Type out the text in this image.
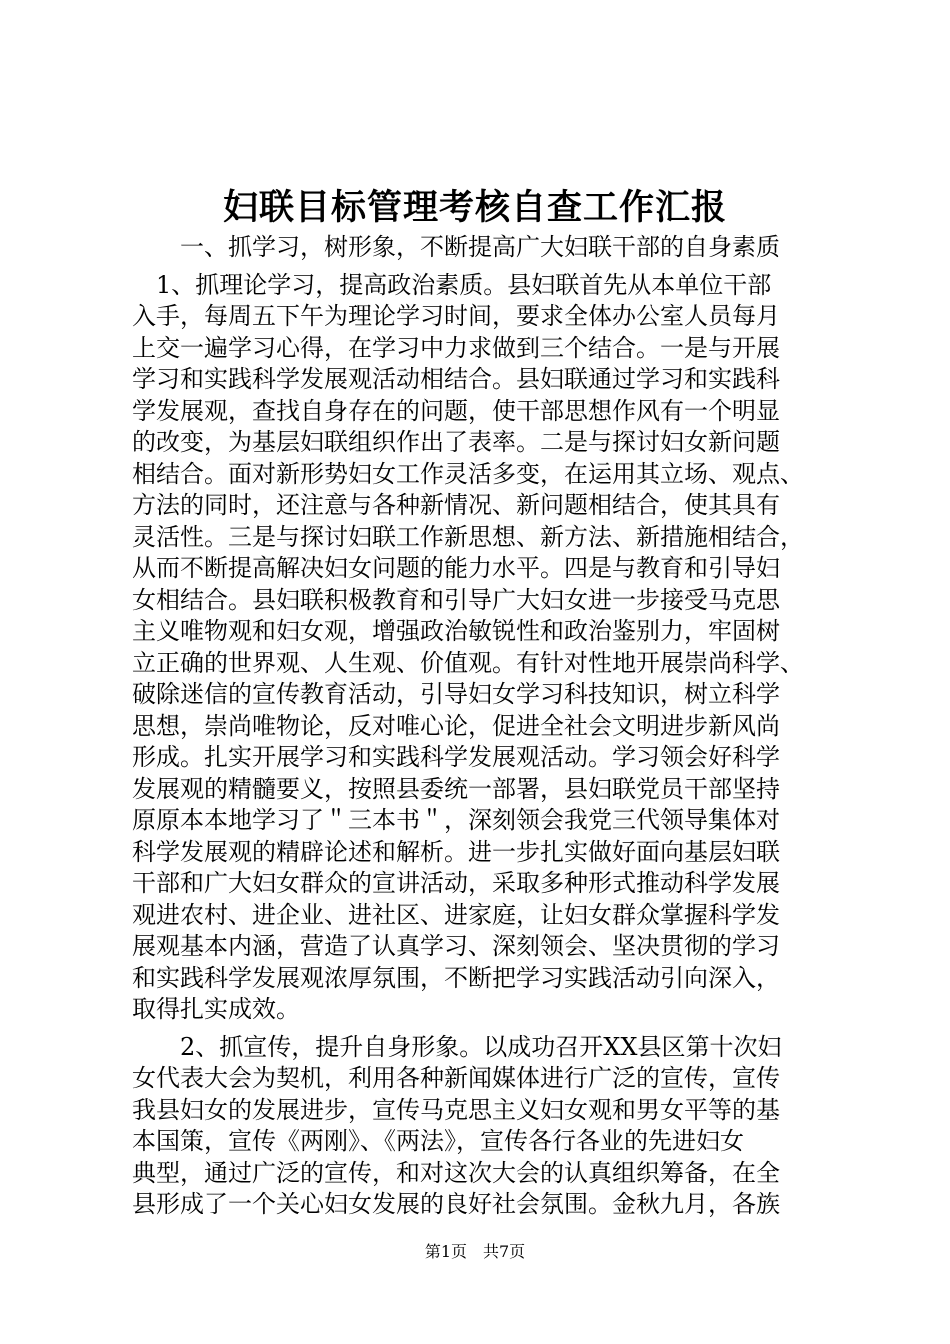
妇联目标管理考核自查工作汇报
　　一、抓学习，树形象，不断提高广大妇联干部的自身素质
　1、抓理论学习，提高政治素质。县妇联首先从本单位干部
入手，每周五下午为理论学习时间，要求全体办公室人员每月
上交一遍学习心得，在学习中力求做到三个结合。一是与开展
学习和实践科学发展观活动相结合。县妇联通过学习和实践科
学发展观，查找自身存在的问题，使干部思想作风有一个明显
的改变，为基层妇联组织作出了表率。二是与探讨妇女新问题
相结合。面对新形势妇女工作灵活多变，在运用其立场、观点、
方法的同时，还注意与各种新情况、新问题相结合，使其具有
灵活性。三是与探讨妇联工作新思想、新方法、新措施相结合，
从而不断提高解决妇女问题的能力水平。四是与教育和引导妇
女相结合。县妇联积极教育和引导广大妇女进一步接受马克思
主义唯物观和妇女观，增强政治敏锐性和政治鉴别力，牢固树
立正确的世界观、人生观、价值观。有针对性地开展崇尚科学、
破除迷信的宣传教育活动，引导妇女学习科技知识，树立科学
思想，崇尚唯物论，反对唯心论，促进全社会文明进步新风尚
形成。扎实开展学习和实践科学发展观活动。学习领会好科学
发展观的精髓要义，按照县委统一部署，县妇联党员干部坚持
原原本本地学习了＂三本书＂，深刻领会我党三代领导集体对
科学发展观的精辟论述和解析。进一步扎实做好面向基层妇联
干部和广大妇女群众的宣讲活动，采取多种形式推动科学发展
观进农村、进企业、进社区、进家庭，让妇女群众掌握科学发
展观基本内涵，营造了认真学习、深刻领会、坚决贯彻的学习
和实践科学发展观浓厚氛围，不断把学习实践活动引向深入，
取得扎实成效。
　　2、抓宣传，提升自身形象。以成功召开XX县区第十次妇
女代表大会为契机，利用各种新闻媒体进行广泛的宣传，宣传
我县妇女的发展进步，宣传马克思主义妇女观和男女平等的基
本国策，宣传《两刚》、《两法》，宣传各行各业的先进妇女
典型，通过广泛的宣传，和对这次大会的认真组织筹备，在全
县形成了一个关心妇女发展的良好社会氛围。金秋九月，各族
第1页　共7页
